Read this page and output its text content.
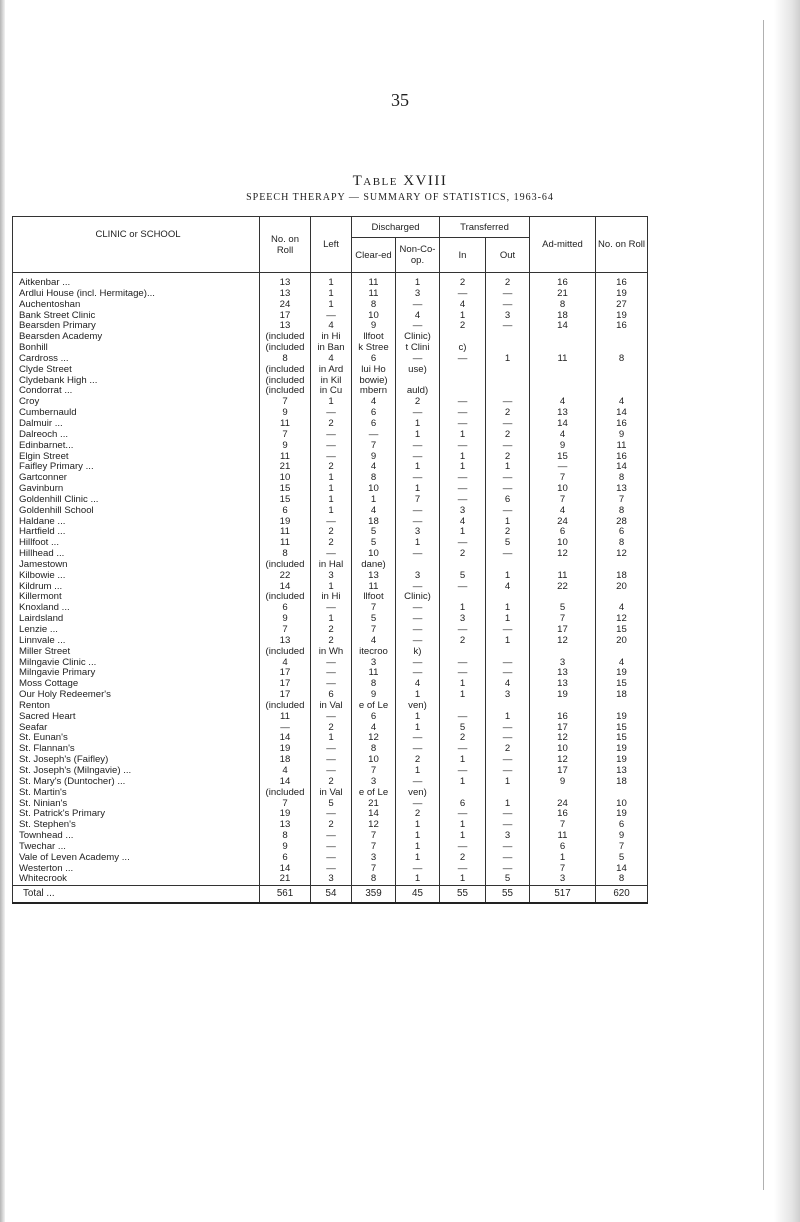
35
Table XVIII
SPEECH THERAPY — SUMMARY OF STATISTICS, 1963-64
CLINIC or SCHOOL	No. on Roll	Left	Discharged		Transferred		Ad-mitted	No. on Roll
			Clear-ed	Non-Co-op.	In	Out		
Aitkenbar ...	13	1	11	1	2	2	16	16
Ardlui House (incl. Hermitage)...	13	1	11	3	—	—	21	19
Auchentoshan	24	1	8	—	4	—	8	27
Bank Street Clinic	17	—	10	4	1	3	18	19
Bearsden Primary	13	4	9	—	2	—	14	16
Bearsden Academy	(included	in Hi	llfoot	Clinic)				
Bonhill	(included	in Ban	k Stree	t Clini	c)			
Cardross ...	8	4	6	—	—	1	11	8
Clyde Street	(included	in Ard	lui Ho	use)				
Clydebank High ...	(included	in Kil	bowie)					
Condorrat ...	(included	in Cu	mbern	auld)				
Croy	7	1	4	2	—	—	4	4
Cumbernauld	9	—	6	—	—	2	13	14
Dalmuir ...	11	2	6	1	—	—	14	16
Dalreoch ...	7	—	—	1	1	2	4	9
Edinbarnet...	9	—	7	—	—	—	9	11
Elgin Street	11	—	9	—	1	2	15	16
Faifley Primary ...	21	2	4	1	1	1	—	14
Gartconner	10	1	8	—	—	—	7	8
Gavinburn	15	1	10	1	—	—	10	13
Goldenhill Clinic ...	15	1	1	7	—	6	7	7
Goldenhill School	6	1	4	—	3	—	4	8
Haldane ...	19	—	18	—	4	1	24	28
Hartfield ...	11	2	5	3	1	2	6	6
Hillfoot ...	11	2	5	1	—	5	10	8
Hillhead ...	8	—	10	—	2	—	12	12
Jamestown	(included	in Hal	dane)					
Kilbowie ...	22	3	13	3	5	1	11	18
Kildrum ...	14	1	11	—	—	4	22	20
Killermont	(included	in Hi	llfoot	Clinic)				
Knoxland ...	6	—	7	—	1	1	5	4
Lairdsland	9	1	5	—	3	1	7	12
Lenzie ...	7	2	7	—	—	—	17	15
Linnvale ...	13	2	4	—	2	1	12	20
Miller Street	(included	in Wh	itecroo	k)				
Milngavie Clinic ...	4	—	3	—	—	—	3	4
Milngavie Primary	17	—	11	—	—	—	13	19
Moss Cottage	17	—	8	4	1	4	13	15
Our Holy Redeemer's	17	6	9	1	1	3	19	18
Renton	(included	in Val	e of Le	ven)				
Sacred Heart	11	—	6	1	—	1	16	19
Seafar	—	2	4	1	5	—	17	15
St. Eunan's	14	1	12	—	2	—	12	15
St. Flannan's	19	—	8	—	—	2	10	19
St. Joseph's (Faifley)	18	—	10	2	1	—	12	19
St. Joseph's (Milngavie) ...	4	—	7	1	—	—	17	13
St. Mary's (Duntocher) ...	14	2	3	—	1	1	9	18
St. Martin's	(included	in Val	e of Le	ven)				
St. Ninian's	7	5	21	—	6	1	24	10
St. Patrick's Primary	19	—	14	2	—	—	16	19
St. Stephen's	13	2	12	1	1	—	7	6
Townhead ...	8	—	7	1	1	3	11	9
Twechar ...	9	—	7	1	—	—	6	7
Vale of Leven Academy ...	6	—	3	1	2	—	1	5
Westerton ...	14	—	7	—	—	—	7	14
Whitecrook	21	3	8	1	1	5	3	8
Total ...	561	54	359	45	55	55	517	620
